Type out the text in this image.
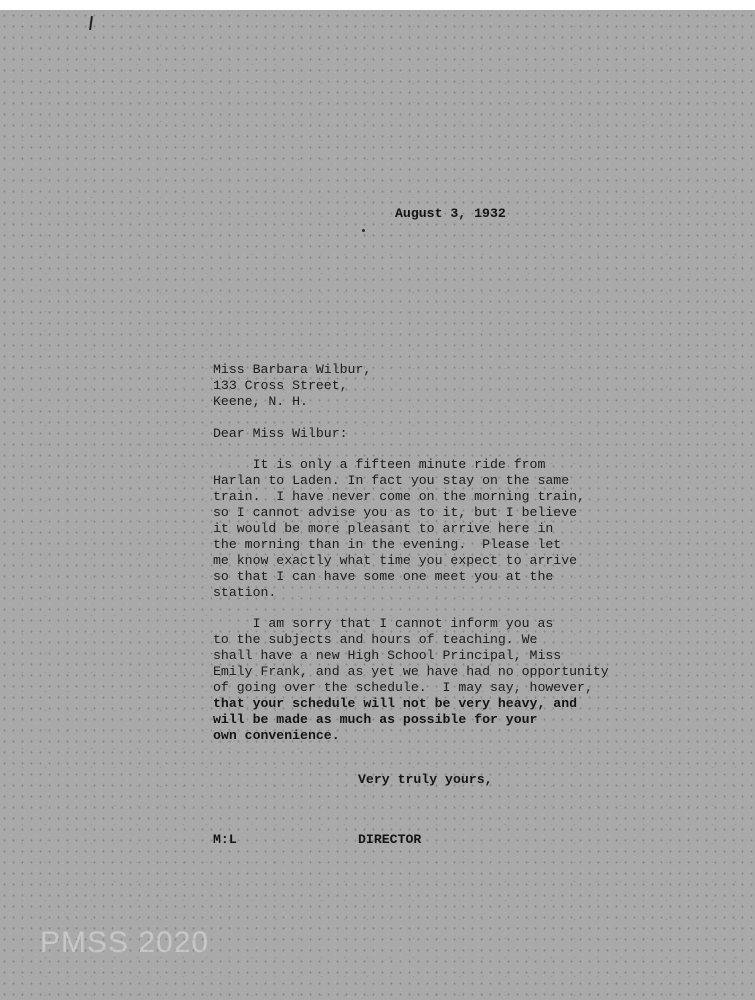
August 3, 1932
Miss Barbara Wilbur,
133 Cross Street,
Keene, N. H.
Dear Miss Wilbur:
It is only a fifteen minute ride from
Harlan to Laden. In fact you stay on the same
train.  I have never come on the morning train,
so I cannot advise you as to it, but I believe
it would be more pleasant to arrive here in
the morning than in the evening.  Please let
me know exactly what time you expect to arrive
so that I can have some one meet you at the
station.
I am sorry that I cannot inform you as
to the subjects and hours of teaching. We
shall have a new High School Principal, Miss
Emily Frank, and as yet we have had no opportunity
of going over the schedule.  I may say, however,
that your schedule will not be very heavy, and
will be made as much as possible for your
own convenience.
Very truly yours,
M:L	DIRECTOR
PMSS 2020
